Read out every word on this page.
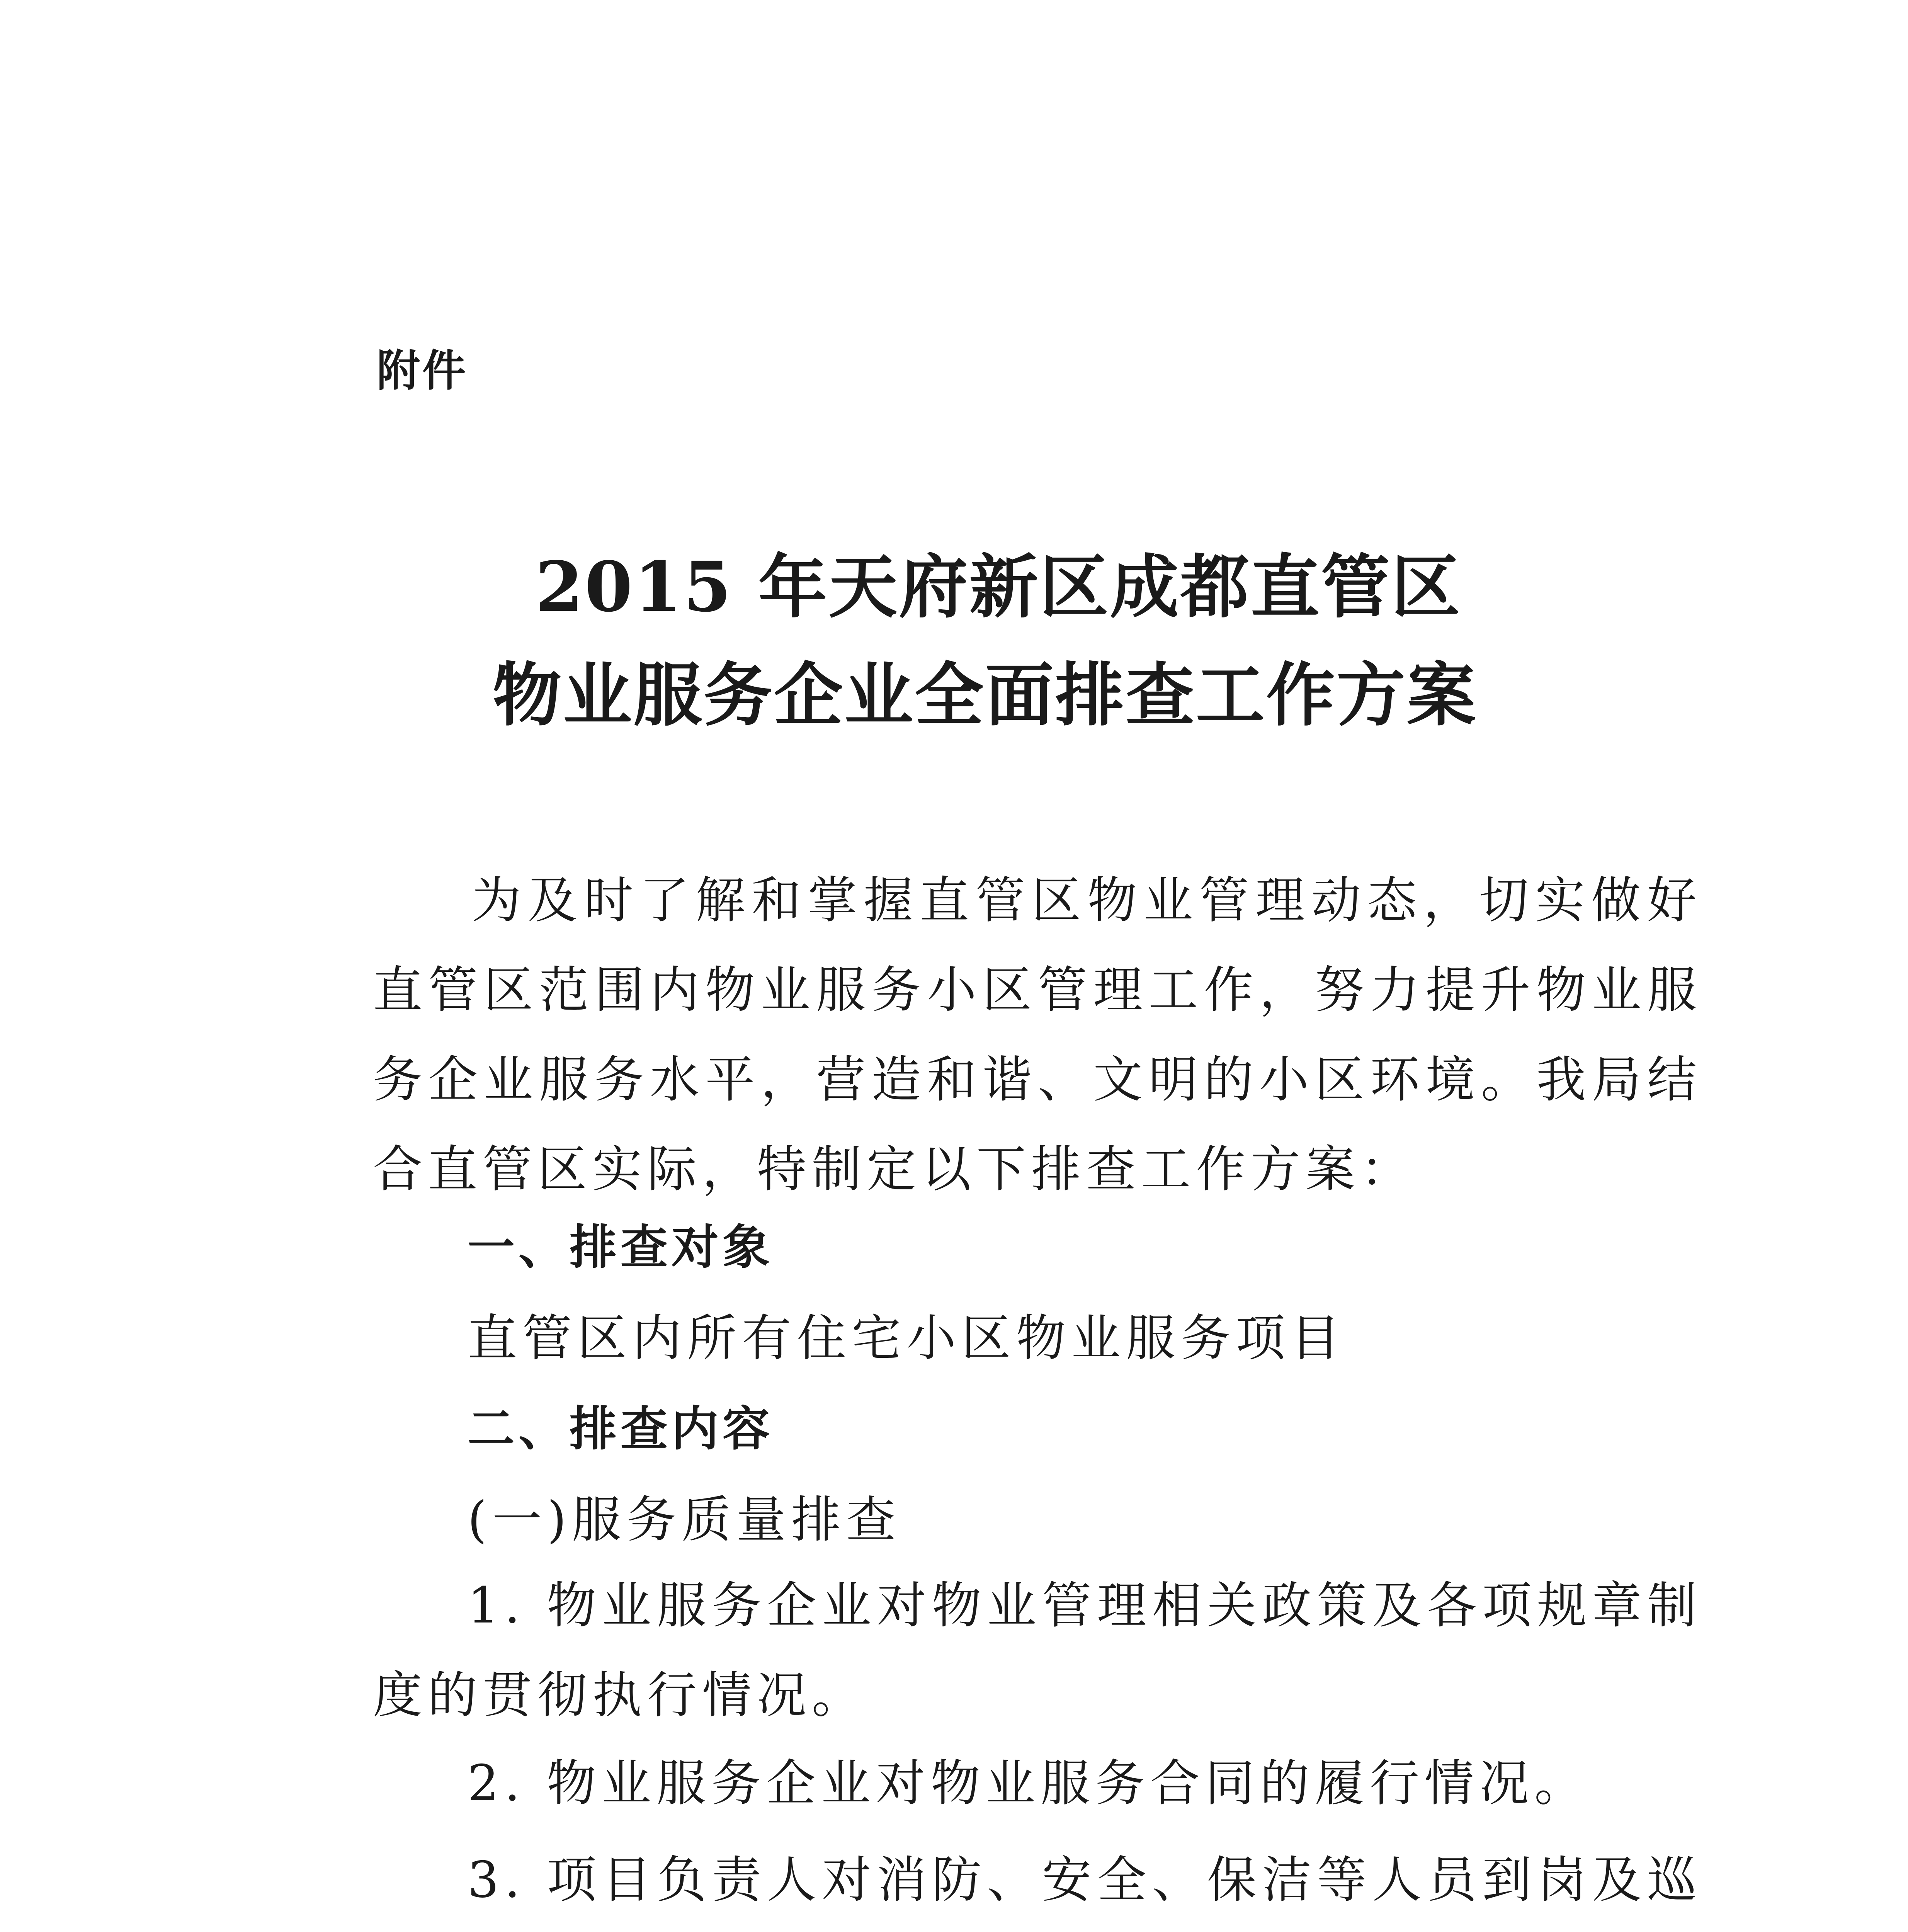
附件
2015 年天府新区成都直管区
物业服务企业全面排查工作方案
为及时了解和掌握直管区物业管理动态，切实做好直管区范围内物业服务小区管理工作，努力提升物业服务企业服务水平，营造和谐、文明的小区环境。我局结合直管区实际，特制定以下排查工作方案：
一、排查对象
直管区内所有住宅小区物业服务项目
二、排查内容
(一)服务质量排查
1. 物业服务企业对物业管理相关政策及各项规章制度的贯彻执行情况。
2. 物业服务企业对物业服务合同的履行情况。
3. 项目负责人对消防、安全、保洁等人员到岗及巡
